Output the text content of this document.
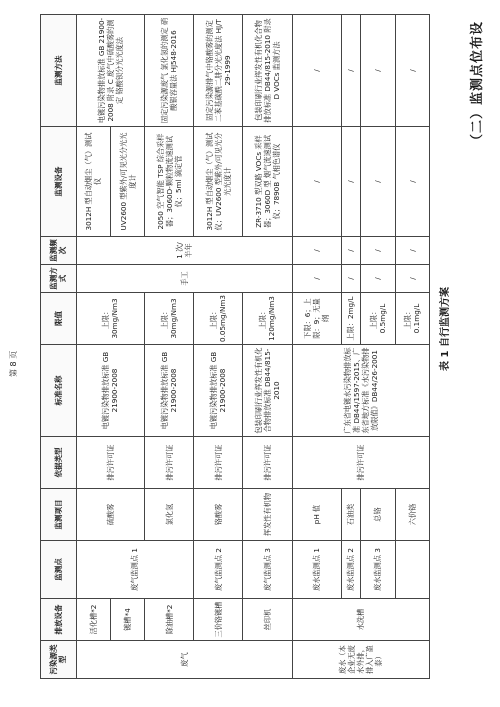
（二）监测点位布设
表 1 自行监测方案
污染源类型	排放设备	监测点	监测项目	依据类型	标准名称	限值	监测方式	监测频次	监测设备	监测方法
废气	活化槽*2	废气监测点 1	硫酸雾	排污许可证	电镀污染物排放标准 GB 21900-2008	上限：30mg/Nm3	手工	1 次/半年	3012H 型自动烟尘（气）测试仪	电镀污染物排放标准 GB 21900-2008 附录 C 废气中硫酸雾的测定 铬酸钡分光光度法
	镀槽*4								UV2600 型紫外/可见光分光光度计	
	除油槽*2		氯化氢	排污许可证	电镀污染物排放标准 GB 21900-2008	上限：30mg/Nm3			2050 空气智能 TSP 综合采样器；3060D-颗粒物流速测试仪；5ml 滴定管	固定污染源废气 氯化氢的测定 硝酸银容量法 HJ548-2016
	三价铬镀槽	废气监测点 2	铬酸雾	排污许可证	电镀污染物排放标准 GB 21900-2008	上限：0.05mg/Nm3			3012H 型自动烟尘（气）测试仪；UV2600 型紫外/可见光分光光度计	固定污染源排气中铬酸雾的测定 二苯基碳酰二肼分光光度法 HJ/T 29-1999
	丝印机	废气监测点 3	挥发性有机物	排污许可证	包装印刷行业挥发性有机化合物排放标准 DB44/815-2010	上限：120mg/Nm3			ZR-3710 型双路 VOCs 采样器；3060D 型 烟气流速测试仪；7890B 气相色谱仪	包装印刷行业挥发性有机化合物排放标准 DB44/815-2010 附录 D VOCs 监测方法
废水（本企业无废水外排，排入广盈泰）	水洗槽	废水监测点 1	pH 值	排污许可证	广东省电镀水污染物排放标准 DB44/1597-2015、广东省地方标准《水污染物排放限值》DB44/26-2001	下限：6；上限：9；无量纲	/	/	/	/
		废水监测点 2	石油类			上限：2mg/L	/	/	/	/
		废水监测点 3	总铬			上限：0.5mg/L	/	/	/	/
			六价铬			上限：0.1mg/L	/	/	/	/
第 8 页
